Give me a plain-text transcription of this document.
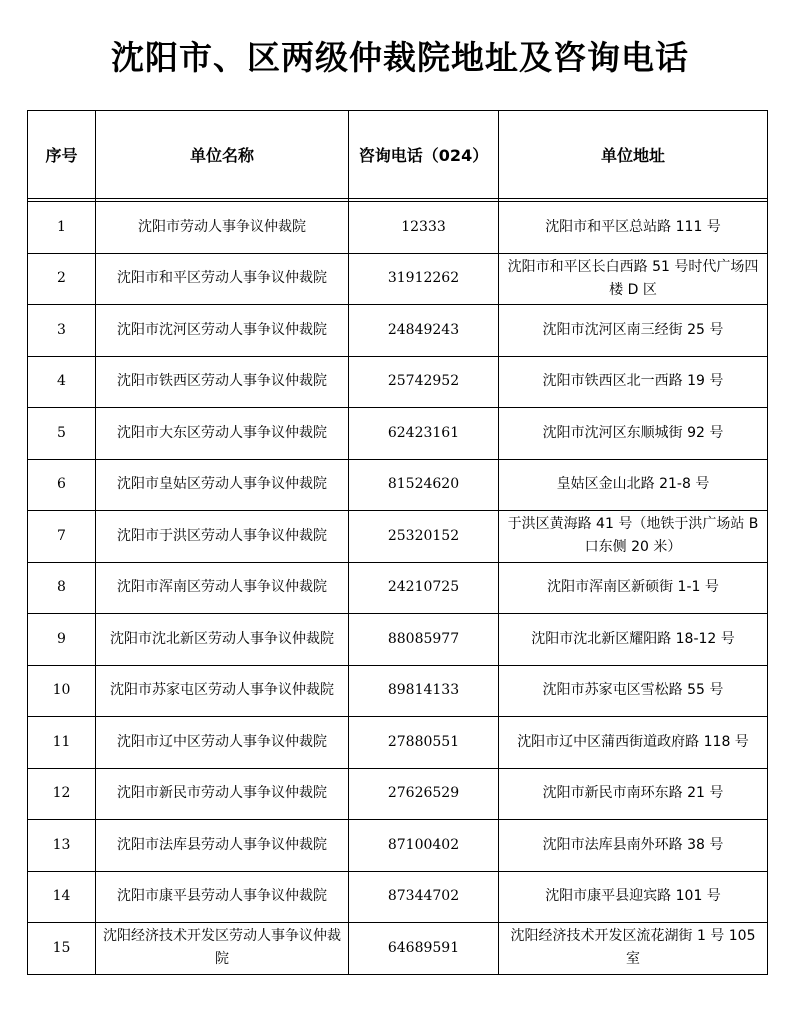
沈阳市、区两级仲裁院地址及咨询电话
序号	单位名称	咨询电话（024）	单位地址

1	沈阳市劳动人事争议仲裁院	12333	沈阳市和平区总站路 111 号
2	沈阳市和平区劳动人事争议仲裁院	31912262	沈阳市和平区长白西路 51 号时代广场四楼 D 区
3	沈阳市沈河区劳动人事争议仲裁院	24849243	沈阳市沈河区南三经街 25 号
4	沈阳市铁西区劳动人事争议仲裁院	25742952	沈阳市铁西区北一西路 19 号
5	沈阳市大东区劳动人事争议仲裁院	62423161	沈阳市沈河区东顺城街 92 号
6	沈阳市皇姑区劳动人事争议仲裁院	81524620	皇姑区金山北路 21-8 号
7	沈阳市于洪区劳动人事争议仲裁院	25320152	于洪区黄海路 41 号（地铁于洪广场站 B 口东侧 20 米）
8	沈阳市浑南区劳动人事争议仲裁院	24210725	沈阳市浑南区新硕街 1-1 号
9	沈阳市沈北新区劳动人事争议仲裁院	88085977	沈阳市沈北新区耀阳路 18-12 号
10	沈阳市苏家屯区劳动人事争议仲裁院	89814133	沈阳市苏家屯区雪松路 55 号
11	沈阳市辽中区劳动人事争议仲裁院	27880551	沈阳市辽中区蒲西街道政府路 118 号
12	沈阳市新民市劳动人事争议仲裁院	27626529	沈阳市新民市南环东路 21 号
13	沈阳市法库县劳动人事争议仲裁院	87100402	沈阳市法库县南外环路 38 号
14	沈阳市康平县劳动人事争议仲裁院	87344702	沈阳市康平县迎宾路 101 号
15	沈阳经济技术开发区劳动人事争议仲裁院	64689591	沈阳经济技术开发区流花湖街 1 号 105 室
